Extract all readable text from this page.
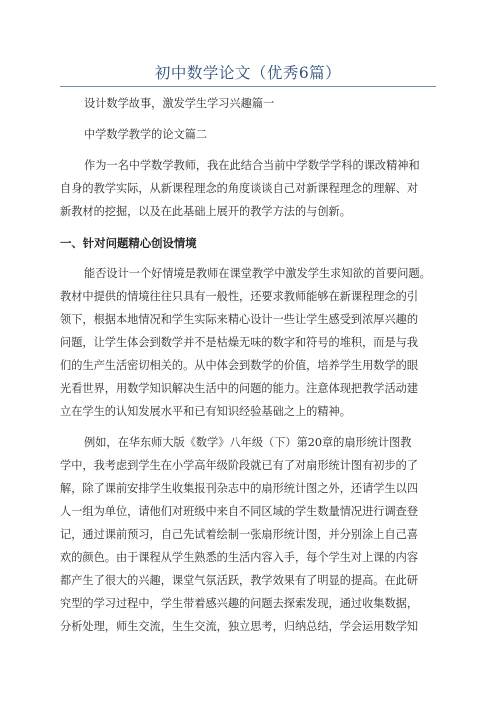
初中数学论文（优秀6篇）
设计数学故事，激发学生学习兴趣篇一
中学数学教学的论文篇二
作为一名中学数学教师，我在此结合当前中学数学学科的课改精神和
自身的教学实际，从新课程理念的角度谈谈自己对新课程理念的理解、对
新教材的挖掘，以及在此基础上展开的教学方法的与创新。
一、针对问题精心创设情境
能否设计一个好情境是教师在课堂教学中激发学生求知欲的首要问题。
教材中提供的情境往往只具有一般性，还要求教师能够在新课程理念的引
领下，根据本地情况和学生实际来精心设计一些让学生感受到浓厚兴趣的
问题，让学生体会到数学并不是枯燥无味的数字和符号的堆积，而是与我
们的生产生活密切相关的。从中体会到数学的价值，培养学生用数学的眼
光看世界，用数学知识解决生活中的问题的能力。注意体现把教学活动建
立在学生的认知发展水平和已有知识经验基础之上的精神。
例如，在华东师大版《数学》八年级（下）第20章的扇形统计图教
学中，我考虑到学生在小学高年级阶段就已有了对扇形统计图有初步的了
解，除了课前安排学生收集报刊杂志中的扇形统计图之外，还请学生以四
人一组为单位，请他们对班级中来自不同区域的学生数量情况进行调查登
记，通过课前预习，自己先试着绘制一张扇形统计图，并分别涂上自己喜
欢的颜色。由于课程从学生熟悉的生活内容入手，每个学生对上课的内容
都产生了很大的兴趣，课堂气氛活跃，教学效果有了明显的提高。在此研
究型的学习过程中，学生带着感兴趣的问题去探索发现，通过收集数据，
分析处理，师生交流，生生交流，独立思考，归纳总结，学会运用数学知
